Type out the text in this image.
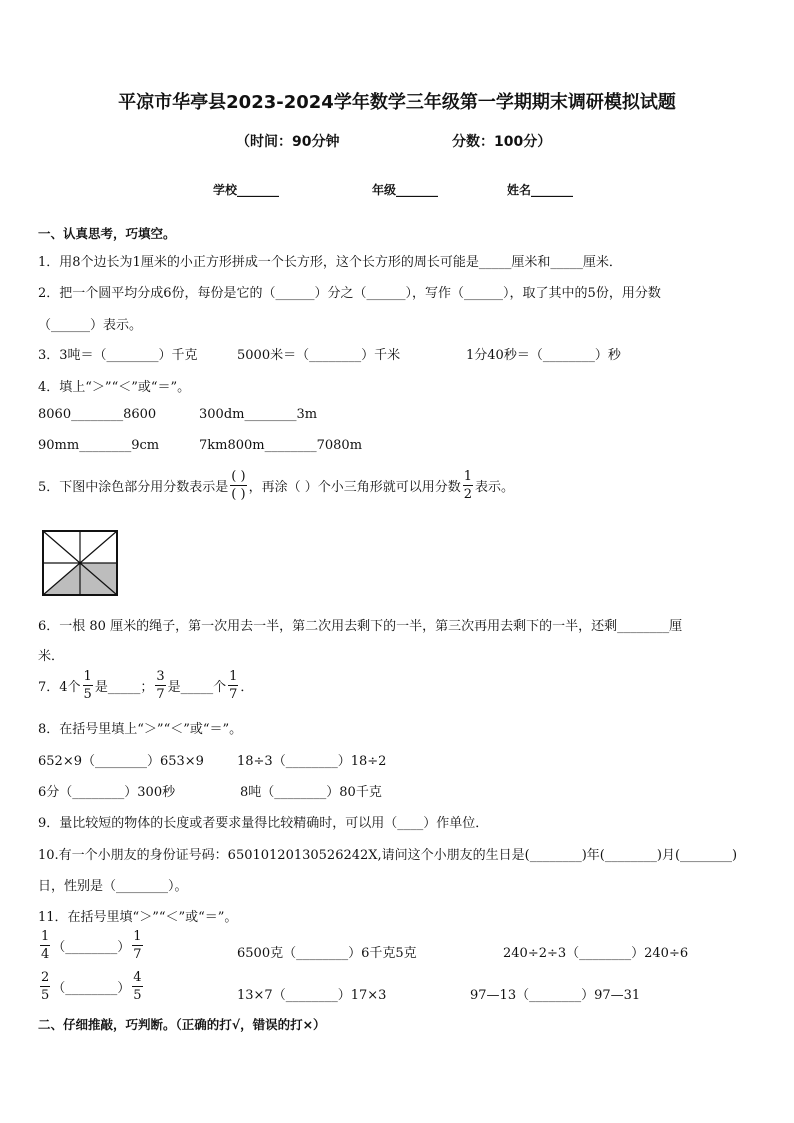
平凉市华亭县2023-2024学年数学三年级第一学期期末调研模拟试题
（时间：90分钟	分数：100分）
学校_______	年级_______	姓名_______
一、认真思考，巧填空。
1．用8个边长为1厘米的小正方形拼成一个长方形，这个长方形的周长可能是_____厘米和_____厘米．
2．把一个圆平均分成6份，每份是它的（______）分之（______），写作（______），取了其中的5份，用分数
（______）表示。
3．3吨＝（________）千克	5000米＝（________）千米	1分40秒＝（________）秒
4．填上“＞”“＜”或“＝”。
8060________8600	300dm________3m
90mm________9cm	7km800m________7080m
5．下图中涂色部分用分数表示是 $\frac{( )}{( )}$ ，再涂（ ）个小三角形就可以用分数 $\frac{1}{2}$ 表示。
6．一根 80 厘米的绳子，第一次用去一半，第二次用去剩下的一半，第三次再用去剩下的一半，还剩________厘
米．
7．4个 $\frac{1}{5}$ 是_____； $\frac{3}{7}$ 是_____个 $\frac{1}{7}$ ．
8．在括号里填上“＞”“＜”或“＝”。
652×9（________）653×9	18÷3（________）18÷2
6分（________）300秒	8吨（________）80千克
9．量比较短的物体的长度或者要求量得比较精确时，可以用（____）作单位．
10.有一个小朋友的身份证号码：65010120130526242X,请问这个小朋友的生日是(________)年(________)月(________)
日，性别是（________）。
11．在括号里填“＞”“＜”或“＝”。
$\frac{1}{4}$ （________） $\frac{1}{7}$	6500克（________）6千克5克	240÷2÷3（________）240÷6
$\frac{2}{5}$ （________） $\frac{4}{5}$	13×7（________）17×3	97—13（________）97—31
二、仔细推敲，巧判断。（正确的打√，错误的打×）
